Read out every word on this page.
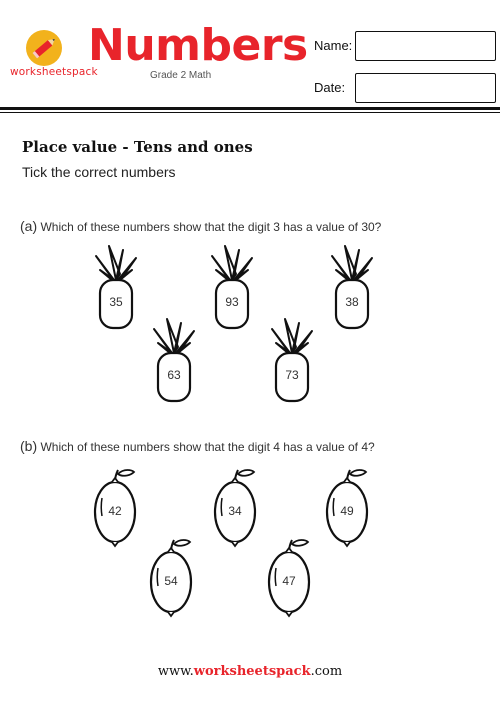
worksheetspack
Numbers
Grade 2 Math
Name:
Date:
Place value - Tens and ones
Tick the correct numbers
(a) Which of these numbers show that the digit 3 has a value of 30?
35	93	38
63	73
(b) Which of these numbers show that the digit 4 has a value of 4?
42	34	49
54	47
www.worksheetspack.com
